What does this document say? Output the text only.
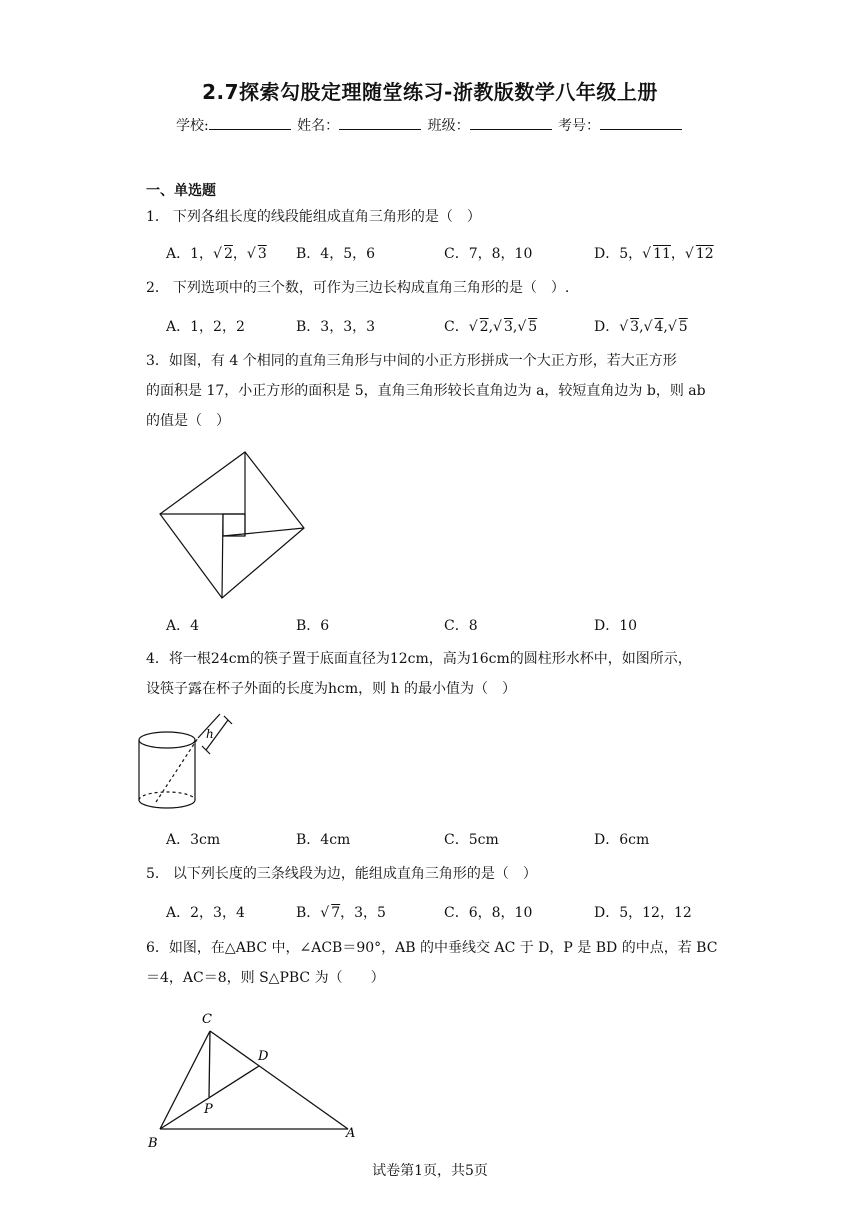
2.7探索勾股定理随堂练习-浙教版数学八年级上册
学校:	姓名：	班级：	考号：
一、单选题
1． 下列各组长度的线段能组成直角三角形的是（　）
A．1，√ 2，√ 3 B．4，5，6	C．7，8，10	D．5，√ 11，√ 12
2． 下列选项中的三个数，可作为三边长构成直角三角形的是（　）.
A．1，2，2	B．3，3，3	C．√ 2,√ 3,√ 5	D．√ 3,√ 4,√ 5
3．如图，有 4 个相同的直角三角形与中间的小正方形拼成一个大正方形，若大正方形
的面积是 17，小正方形的面积是 5，直角三角形较长直角边为 a，较短直角边为 b，则 ab
的值是（　）
A．4	B．6	C．8	D．10
4．将一根24cm的筷子置于底面直径为12cm，高为16cm的圆柱形水杯中，如图所示，
设筷子露在杯子外面的长度为hcm，则 h 的最小值为（　）
h
A．3cm	B．4cm	C．5cm	D．6cm
5． 以下列长度的三条线段为边，能组成直角三角形的是（　）
A．2，3，4	B．√ 7，3，5	C．6，8，10	D．5，12，12
6．如图，在△ABC 中，∠ACB＝90°，AB 的中垂线交 AC 于 D，P 是 BD 的中点，若 BC
＝4，AC＝8，则 S△PBC 为（　　）
C
D
P
B
A
试卷第1页，共5页
